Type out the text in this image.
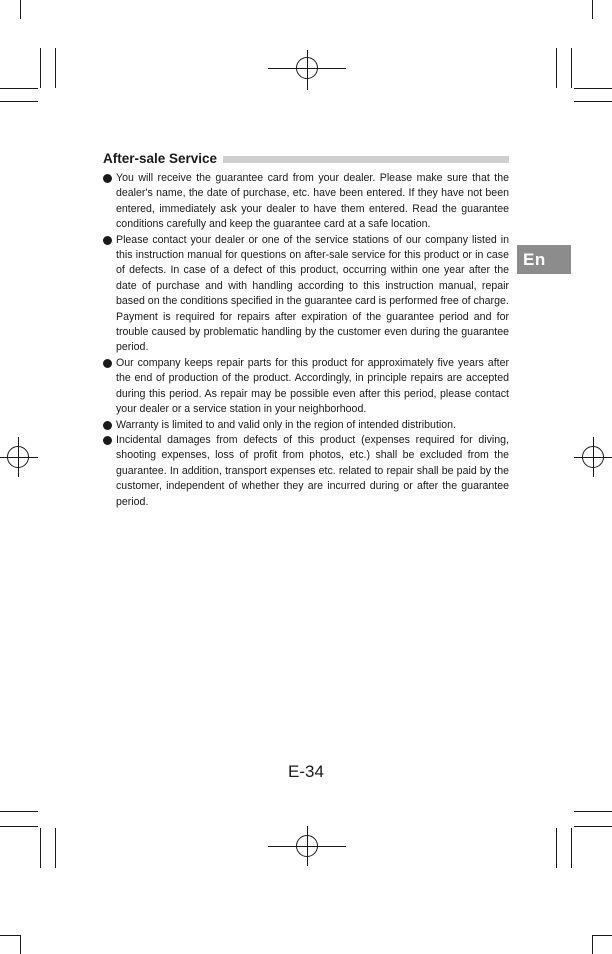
After-sale Service
You will receive the guarantee card from your dealer. Please make sure that the dealer's name, the date of purchase, etc. have been entered. If they have not been entered, immediately ask your dealer to have them entered. Read the guarantee conditions carefully and keep the guarantee card at a safe location.
Please contact your dealer or one of the service stations of our company listed in this instruction manual for questions on after-sale service for this product or in case of defects. In case of a defect of this product, occurring within one year after the date of purchase and with handling according to this instruction manual, repair based on the conditions specified in the guarantee card is performed free of charge.
Payment is required for repairs after expiration of the guarantee period and for trouble caused by problematic handling by the customer even during the guarantee period.
Our company keeps repair parts for this product for approximately five years after the end of production of the product. Accordingly, in principle repairs are accepted during this period. As repair may be possible even after this period, please contact your dealer or a service station in your neighborhood.
Warranty is limited to and valid only in the region of intended distribution.
Incidental damages from defects of this product (expenses required for diving, shooting expenses, loss of profit from photos, etc.) shall be excluded from the guarantee. In addition, transport expenses etc. related to repair shall be paid by the customer, independent of whether they are incurred during or after the guarantee period.
En
E-34
